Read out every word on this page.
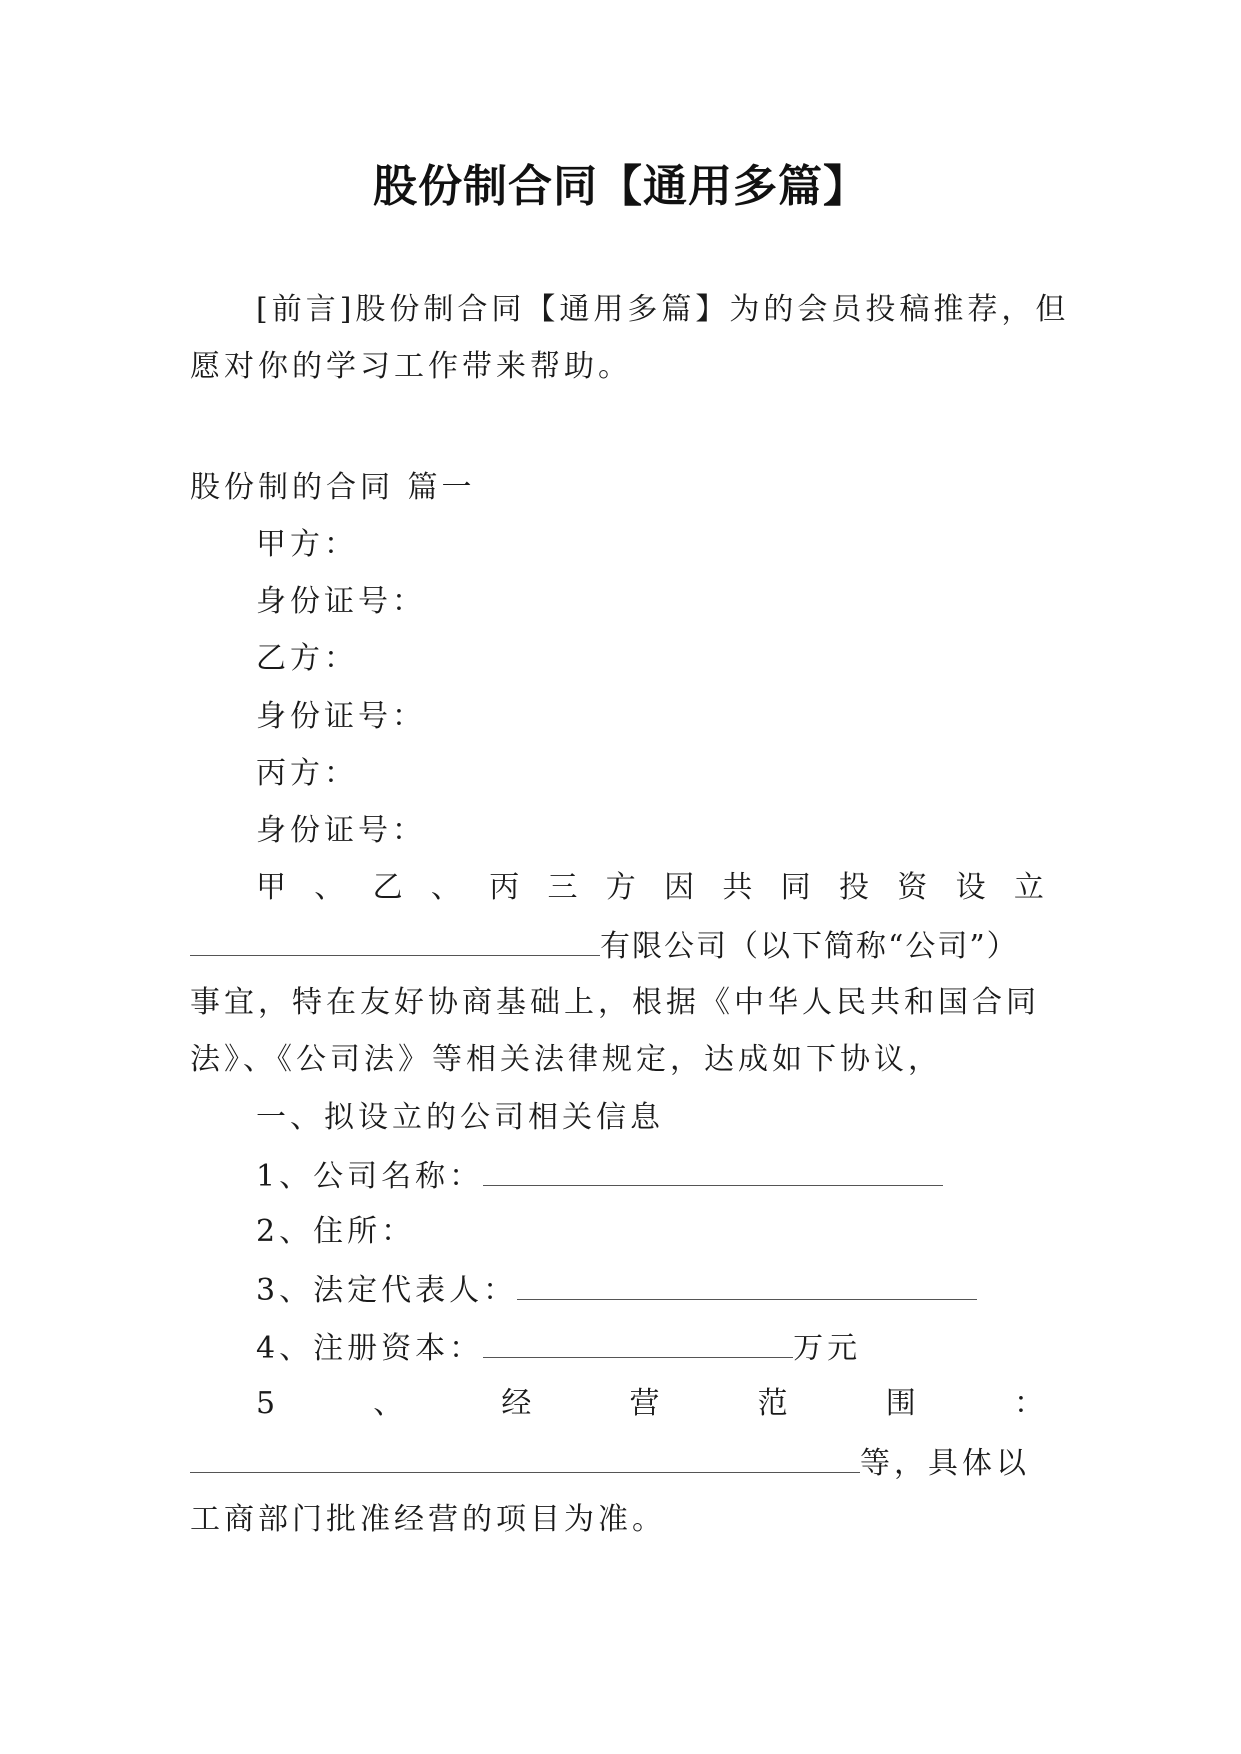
股份制合同【通用多篇】
[前言]股份制合同【通用多篇】为的会员投稿推荐，但
愿对你的学习工作带来帮助。
股份制的合同 篇一
甲方：
身份证号：
乙方：
身份证号：
丙方：
身份证号：
甲 、 乙 、 丙 三 方 因 共 同 投 资 设 立
有限公司（以下简称“公司”）
事宜，特在友好协商基础上，根据《中华人民共和国合同
法》、《公司法》等相关法律规定，达成如下协议，
一、拟设立的公司相关信息
1、公司名称：
2、住所：
3、法定代表人：
4、注册资本：	万元
5	、	经	营	范	围	：
等，具体以
工商部门批准经营的项目为准。
